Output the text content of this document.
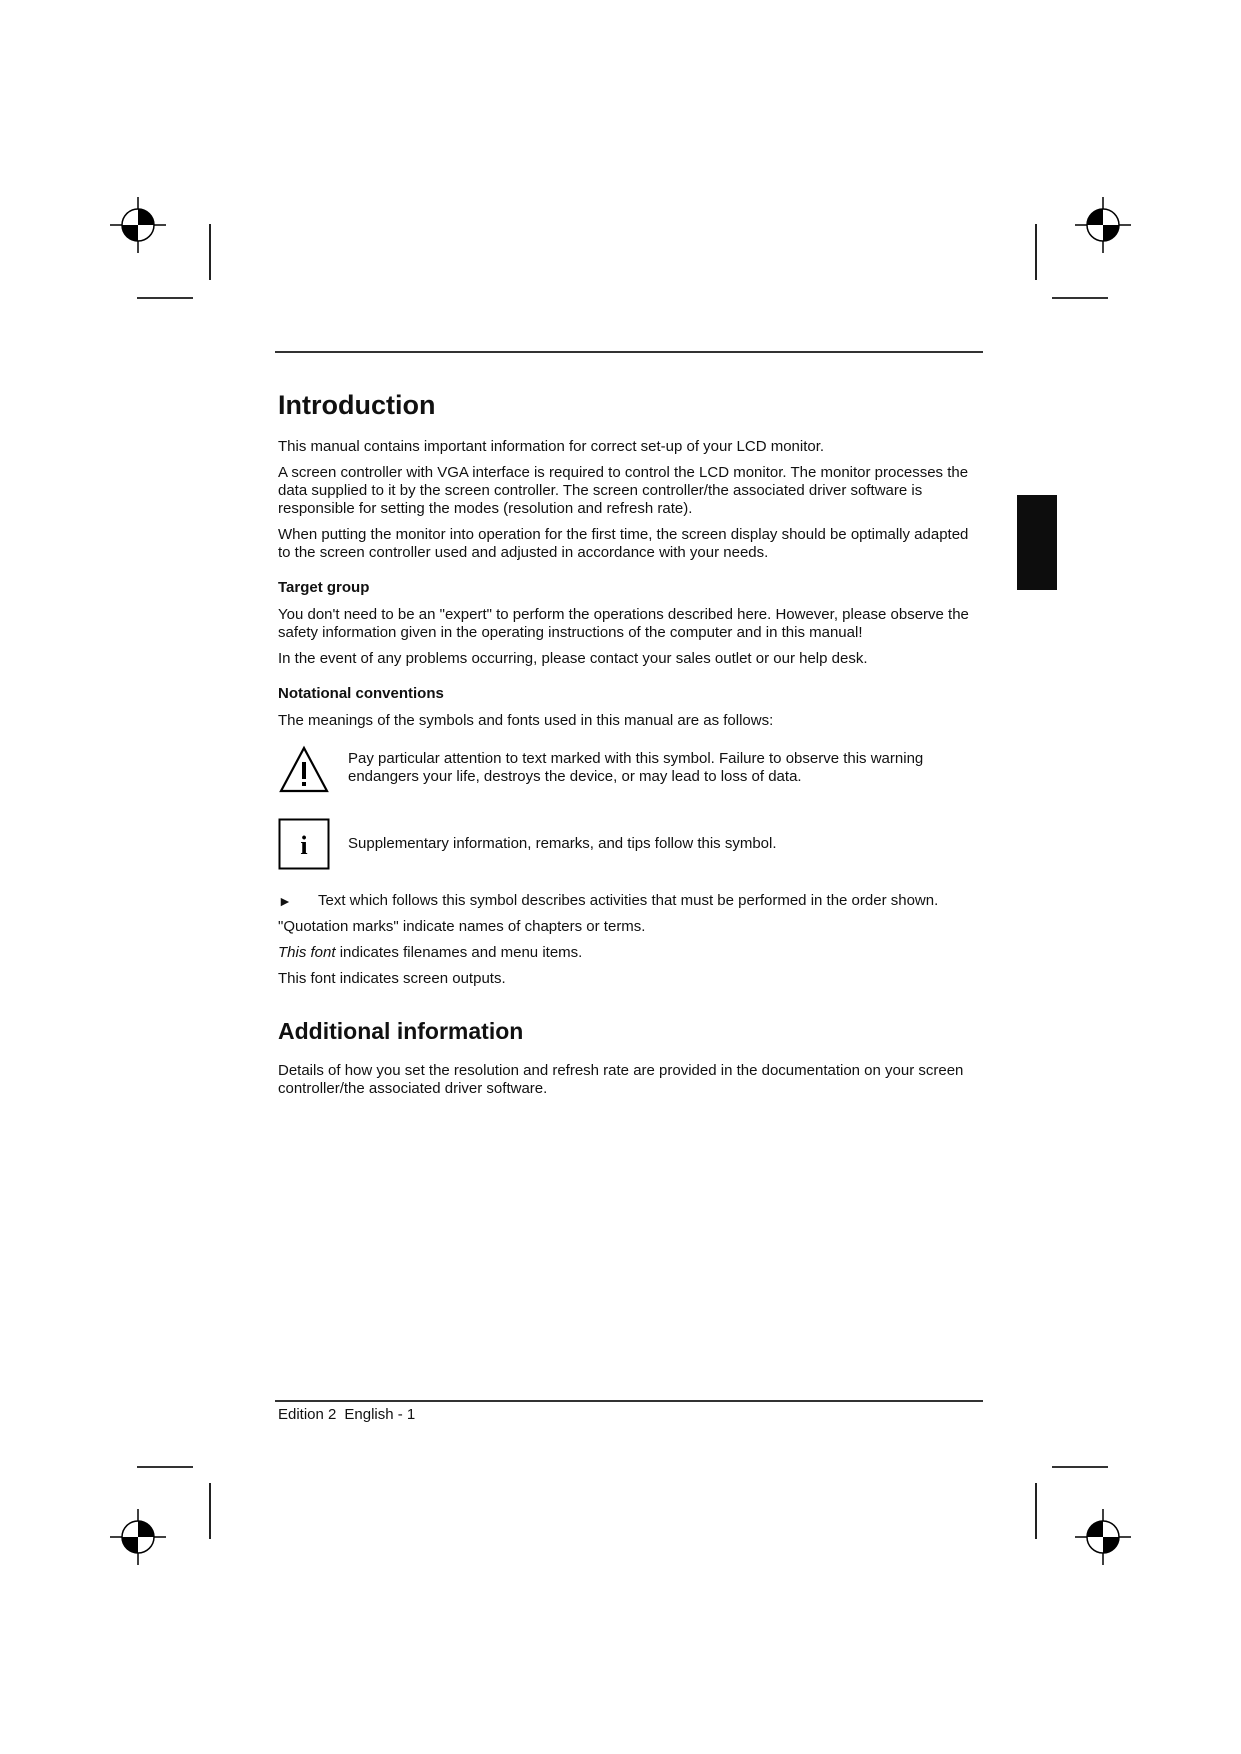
Introduction

This manual contains important information for correct set-up of your LCD monitor.

A screen controller with VGA interface is required to control the LCD monitor. The monitor processes the data supplied to it by the screen controller. The screen controller/the associated driver software is responsible for setting the modes (resolution and refresh rate).

When putting the monitor into operation for the first time, the screen display should be optimally adapted to the screen controller used and adjusted in accordance with your needs.

Target group

You don't need to be an "expert" to perform the operations described here. However, please observe the safety information given in the operating instructions of the computer and in this manual!

In the event of any problems occurring, please contact your sales outlet or our help desk.

Notational conventions

The meanings of the symbols and fonts used in this manual are as follows:

Pay particular attention to text marked with this symbol. Failure to observe this warning endangers your life, destroys the device, or may lead to loss of data.
i	Supplementary information, remarks, and tips follow this symbol.
►	Text which follows this symbol describes activities that must be performed in the order shown.

"Quotation marks" indicate names of chapters or terms.

This font indicates filenames and menu items.

This font indicates screen outputs.

Additional information

Details of how you set the resolution and refresh rate are provided in the documentation on your screen controller/the associated driver software.

Edition 2 English - 1
